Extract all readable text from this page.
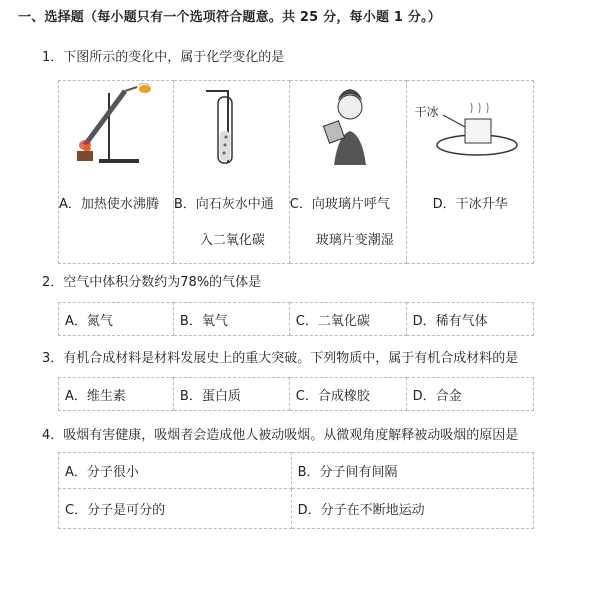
一、选择题（每小题只有一个选项符合题意。共 25 分，每小题 1 分。）
1．下图所示的变化中，属于化学变化的是
A．加热使水沸腾	B．向石灰水中通
入二氧化碳

C．向玻璃片呼气
玻璃片变潮湿

干冰
D．干冰升华
2．空气中体积分数约为78%的气体是
A．氮气	B．氧气	C．二氧化碳	D．稀有气体
3．有机合成材料是材料发展史上的重大突破。下列物质中，属于有机合成材料的是
A．维生素	B．蛋白质	C．合成橡胶	D．合金
4．吸烟有害健康，吸烟者会造成他人被动吸烟。从微观角度解释被动吸烟的原因是
A．分子很小	B．分子间有间隔
C．分子是可分的	D．分子在不断地运动
